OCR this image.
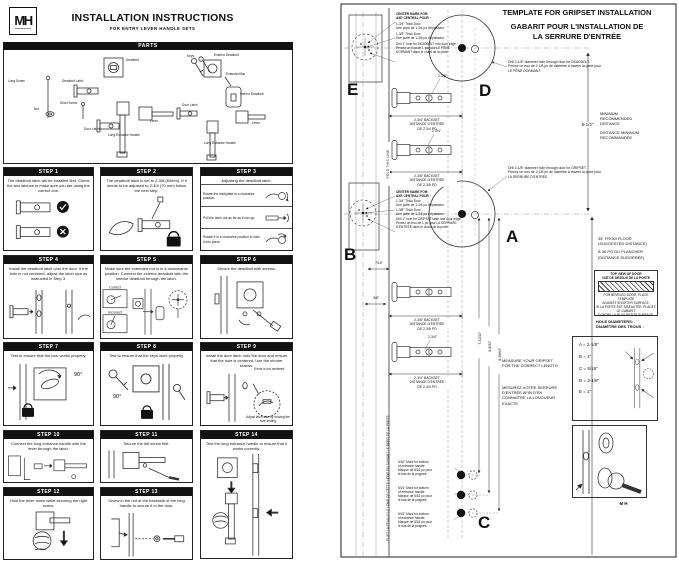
MH	INSTALLATION INSTRUCTIONS
FOR ENTRY LEVER HANDLE SETS
PARTS
Long Screw
Short Screw
Nut
Deadbolt Latch
Deadbolt
Door Latch
Long Entrance Handle
Lever
Keys	Exterior Deadbolt
Extended Bar
Interior Deadbolt
Door Latch
Long Entrance Handle
Lever
STEP 1
The deadbolt latch will be installed first. Check the two latches to make sure you are using the correct one.
STEP 2
The deadbolt latch is set to 2-3/8 (60mm). If it needs to be adjusted to 2-3/4 (70 mm) follow the next step.
STEP 3
Adjusting the deadbolt latch:
Rotate the latchplate in a clockwise position.
Pull the latch out as far as it can go.
Rotate it in a clockwise position to click it into place.
STEP 4
Install the deadbolt latch onto the door. If the hole is not centered, adjust the latch size as instructed in Step 3.
STEP 5
Make sure the extended rod is in a downwards position. Connect the exterior deadbolt with the interior deadbolt through the latch.
Correct
Incorrect
STEP 6
Secure the deadbolt with screws.
STEP 7
Test to ensure that the lock works properly.
90°
STEP 8
Test to ensure that the keys work properly.
90°
STEP 9
Install the door latch onto the door and ensure that the hole is centered. Use the shorter screws.
If hole is not centered
Adjust latch size by moving the size setting
STEP 10
Connect the long entrance handle with the lever through the latch.
STEP 11
Secure the left screw first.
STEP 14
Test the long entrance handle to ensure that it works correctly.
STEP 12
Hold the lever down while securing the right screw.
STEP 13
Screw in the nut at the backside of the long handle to secure it to the door.
TEMPLATE FOR GRIPSET INSTALLATION
GABARIT POUR L'INSTALLATION DE
LA SERRURE D'ENTRÉE
E	D
B
A
C
CENTER MARK FOR:
AXE CENTRAL POUR :
1-3/4" Thick Door
Une porte de 1-3/4 po d'épaisseur
1-3/8" Thick Door
Une porte de 1-3/8 po d'épaisseur
Drill 1" hole for DEADBOLT into door edge.
Percez un trou de 1 po pour LE PÊNE DORMANT dans le chant de la porte.
CENTER MARK FOR:
AXE CENTRAL POUR :
1-3/4" Thick Door
Une porte de 1-3/4 po d'épaisseur
1-3/8" Thick Door
Une porte de 1-3/8 po d'épaisseur
Drill 1" hole for GRIPSET latch into door edge.
Percez un trou de 1 po pour LA SERRURE D'ENTRÉE dans le chant de la porte.
Drill 2-1/8" diameter hole through door for DEADBOLT.
Percez un trou de 2-1/8 po de diamètre à travers la porte pour LE PÊNE DORMANT.
Drill 2-1/8" diameter hole through door for GRIPSET.
Percez un trou de 2-1/8 po de diamètre à travers la porte pour LA SERRURE D'ENTRÉE.
5-1/2"
MINIMUM
RECOMMENDED
DISTANCE
DISTANCE MINIMUM
RECOMMANDÉE
2-3/4" BACKSET
DISTANCE D'ENTRÉE
DE 2-3/4 PO
2-3/8" BACKSET
DISTANCE D'ENTRÉE
DE 2-3/8 PO
2-3/8" BACKSET
DISTANCE D'ENTRÉE
DE 2-3/8 PO
2-3/4" BACKSET
DISTANCE D'ENTRÉE
DE 2-3/4 PO
2-3/8"
2-3/4"
2-3/4"
7/16"
3/8"
7-31/32"
8-9/32"
8-39/64"
FOLD THIS LINE
PLIEZ LA FEUILLE LE LONG DE CETTE LIGNE EN SUIVANT LE BORD DE LA PORTE
36" FROM FLOOR
(SUGGESTED DISTANCE)
À 36 PO DU PLANCHER
(DISTANCE SUGGÉRÉE)
TOP VIEW OF DOOR
VUE DE DESSUS DE LA PORTE
FOR BEVELED DOOR, PLACE TEMPLATE
AGAINST SHORTER SURFACE.
SI LA PORTE EST BISEAUTÉE, PLACEZ LE GABARIT
CONTRE LA PLUS PETITE SURFACE.
HOLE DIAMETERS:
DIAMÈTRE DES TROUS :
A = 2-1/8"
B = 1"
C = 5/16"
D = 2-1/8"
E = 1"
MEASURE YOUR GRIPSET
FOR THE CORRECT LENGTH
MESUREZ VOTRE SERRURE
D'ENTRÉE AFIN D'EN
CONNAÎTRE LA LONGUEUR
EXACTE.
5/16" Mark for bottom
of entrance handle.
Marque de 5/16 po pour
le bas de la poignée.
5/16" Mark for bottom
of entrance handle.
Marque de 5/16 po pour
le bas de la poignée.
5/16" Mark for bottom
of entrance handle.
Marque de 5/16 po pour
le bas de la poignée.
MH
